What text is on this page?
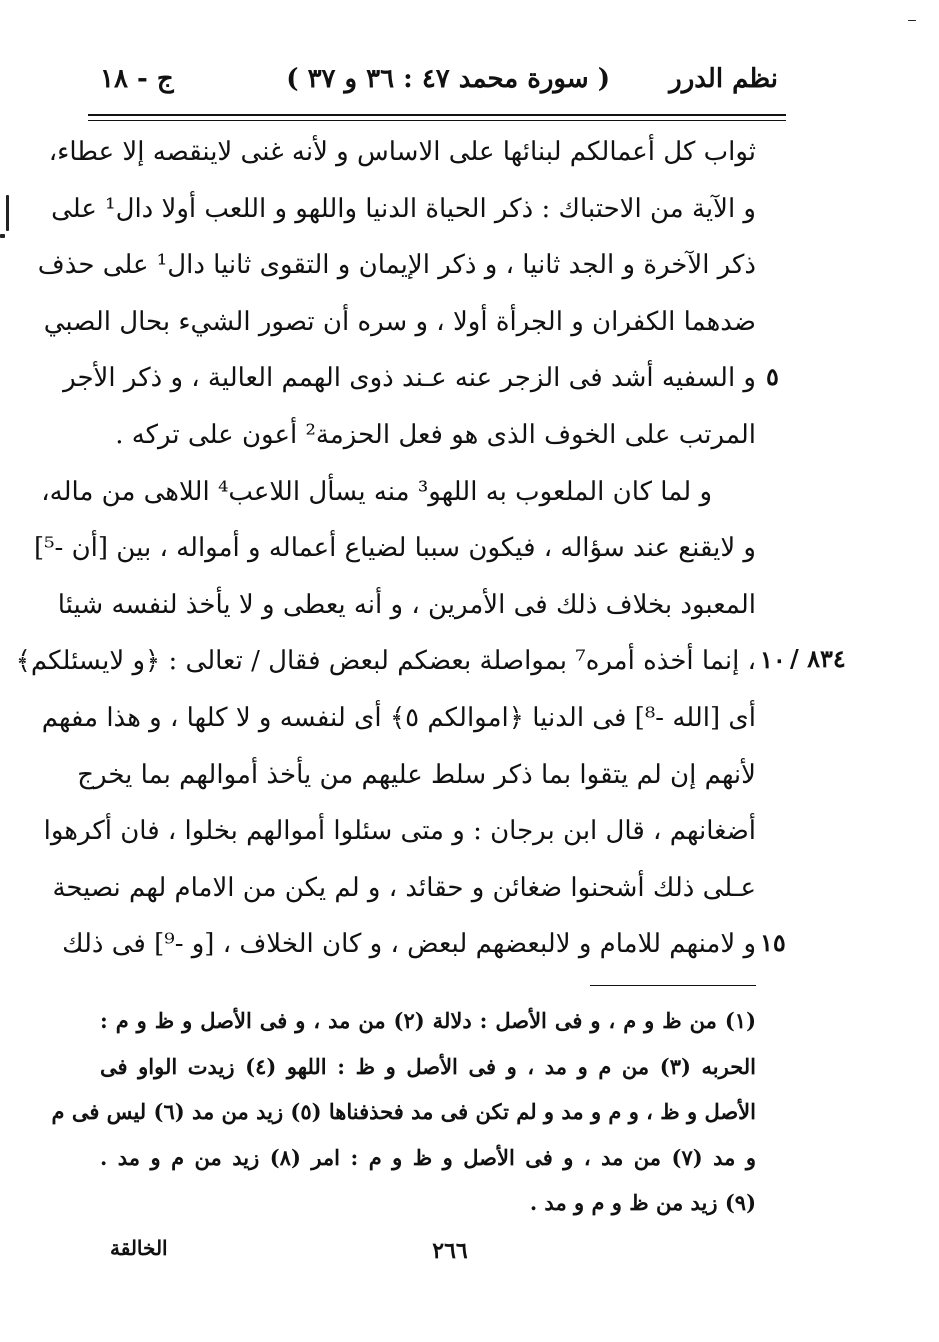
نظم الدرر
( سورة محمد ٤٧ : ٣٦ و ٣٧ )
ج - ١٨
ثواب كل أعمالكم لبنائها على الاساس و لأنه غنى لاينقصه إلا عطاء،
و الآية من الاحتباك : ذكر الحياة الدنيا واللهو و اللعب أولا دال¹ على
ذكر الآخرة و الجد ثانيا ، و ذكر الإيمان و التقوى ثانيا دال¹ على حذف
ضدهما الكفران و الجرأة أولا ، و سره أن تصور الشيء بحال الصبي
و السفيه أشد فى الزجر عنه عـند ذوى الهمم العالية ، و ذكر الأجر
المرتب على الخوف الذى هو فعل الحزمة² أعون على تركه .
و لما كان الملعوب به اللهو³ منه يسأل اللاعب⁴ اللاهى من ماله،
و لايقنع عند سؤاله ، فيكون سببا لضياع أعماله و أمواله ، بين [أن -⁵]
المعبود بخلاف ذلك فى الأمرين ، و أنه يعطى و لا يأخذ لنفسه شيئا
، إنما أخذه أمره⁷ بمواصلة بعضكم لبعض فقال / تعالى : ﴿و لايسئلكم﴾
أى [الله -⁸] فى الدنيا ﴿اموالكم ٥﴾ أى لنفسه و لا كلها ، و هذا مفهم
لأنهم إن لم يتقوا بما ذكر سلط عليهم من يأخذ أموالهم بما يخرج
أضغانهم ، قال ابن برجان : و متى سئلوا أموالهم بخلوا ، فان أكرهوا
عـلى ذلك أشحنوا ضغائن و حقائد ، و لم يكن من الامام لهم نصيحة
و لامنهم للامام و لالبعضهم لبعض ، و كان الخلاف ، [و -⁹] فى ذلك
٥
١٠
١٥
٨٣٤ /
(١) من ظ و م ، و فى الأصل : دلالة (٢) من مد ، و فى الأصل و ظ و م :
الحربه (٣) من م و مد ، و فى الأصل و ظ : اللهو (٤) زيدت الواو فى
الأصل و ظ ، و م و مد و لم تكن فى مد فحذفناها (٥) زيد من مد (٦) ليس فى م
و مد (٧) من مد ، و فى الأصل و ظ و م : امر (٨) زيد من م و مد .
(٩) زيد من ظ و م و مد .
٢٦٦
الخالقة
